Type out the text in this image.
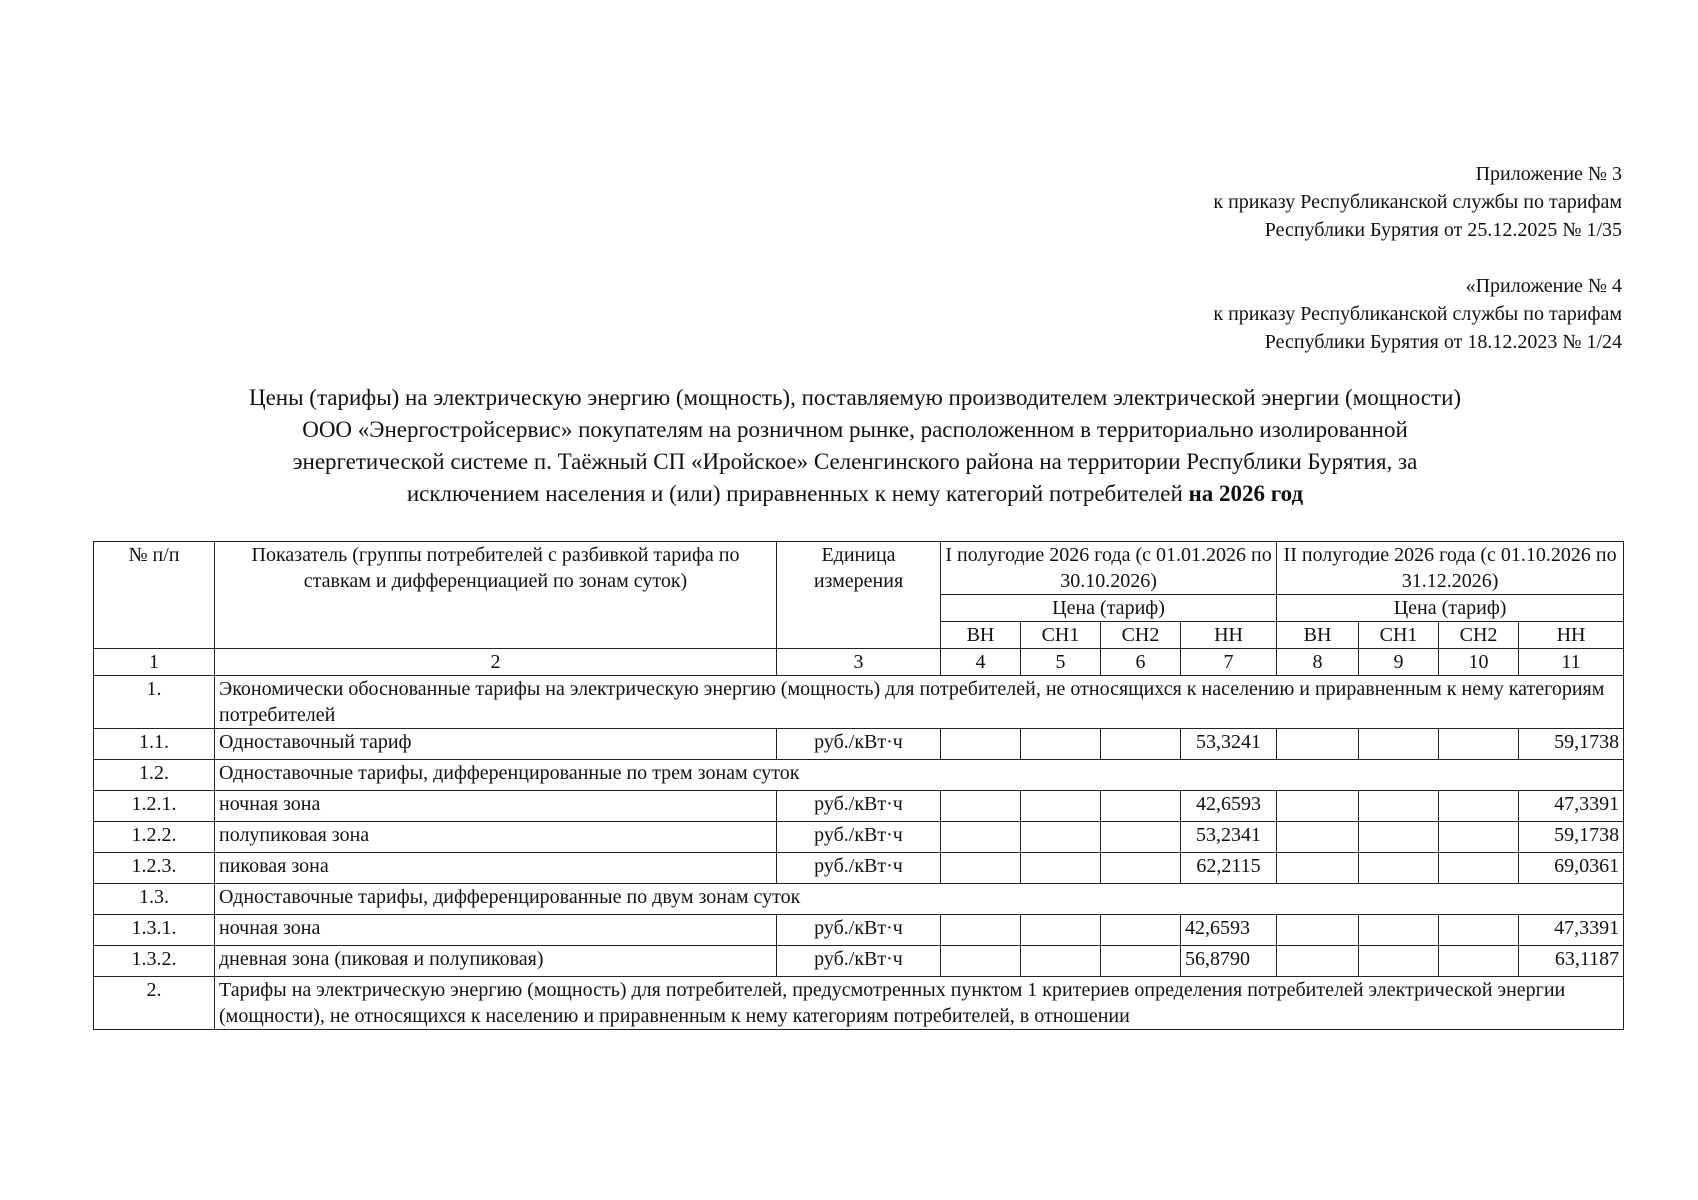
Приложение № 3
к приказу Республиканской службы по тарифам
Республики Бурятия от 25.12.2025 № 1/35
«Приложение № 4
к приказу Республиканской службы по тарифам
Республики Бурятия от 18.12.2023 № 1/24
Цены (тарифы) на электрическую энергию (мощность), поставляемую производителем электрической энергии (мощности)
ООО «Энергостройсервис» покупателям на розничном рынке, расположенном в территориально изолированной
энергетической системе п. Таёжный СП «Иройское» Селенгинского района на территории Республики Бурятия, за
исключением населения и (или) приравненных к нему категорий потребителей на 2026 год
№ п/п	Показатель (группы потребителей с разбивкой тарифа по ставкам и дифференциацией по зонам суток)	Единица измерения	I полугодие 2026 года (с 01.01.2026 по 30.10.2026)				II полугодие 2026 года (с 01.10.2026 по 31.12.2026)			
			Цена (тариф)				Цена (тариф)			
			ВН	СН1	СН2	НН	ВН	СН1	СН2	НН
1	2	3	4	5	6	7	8	9	10	11
1.	Экономически обоснованные тарифы на электрическую энергию (мощность) для потребителей, не относящихся к населению и приравненным к нему категориям потребителей									
1.1.	Одноставочный тариф	руб./кВт·ч				53,3241				59,1738
1.2.	Одноставочные тарифы, дифференцированные по трем зонам суток									
1.2.1.	ночная зона	руб./кВт·ч				42,6593				47,3391
1.2.2.	полупиковая зона	руб./кВт·ч				53,2341				59,1738
1.2.3.	пиковая зона	руб./кВт·ч				62,2115				69,0361
1.3.	Одноставочные тарифы, дифференцированные по двум зонам суток									
1.3.1.	ночная зона	руб./кВт·ч				42,6593				47,3391
1.3.2.	дневная зона (пиковая и полупиковая)	руб./кВт·ч				56,8790				63,1187
2.	Тарифы на электрическую энергию (мощность) для потребителей, предусмотренных пунктом 1 критериев определения потребителей электрической энергии (мощности), не относящихся к населению и приравненным к нему категориям потребителей, в отношении									
